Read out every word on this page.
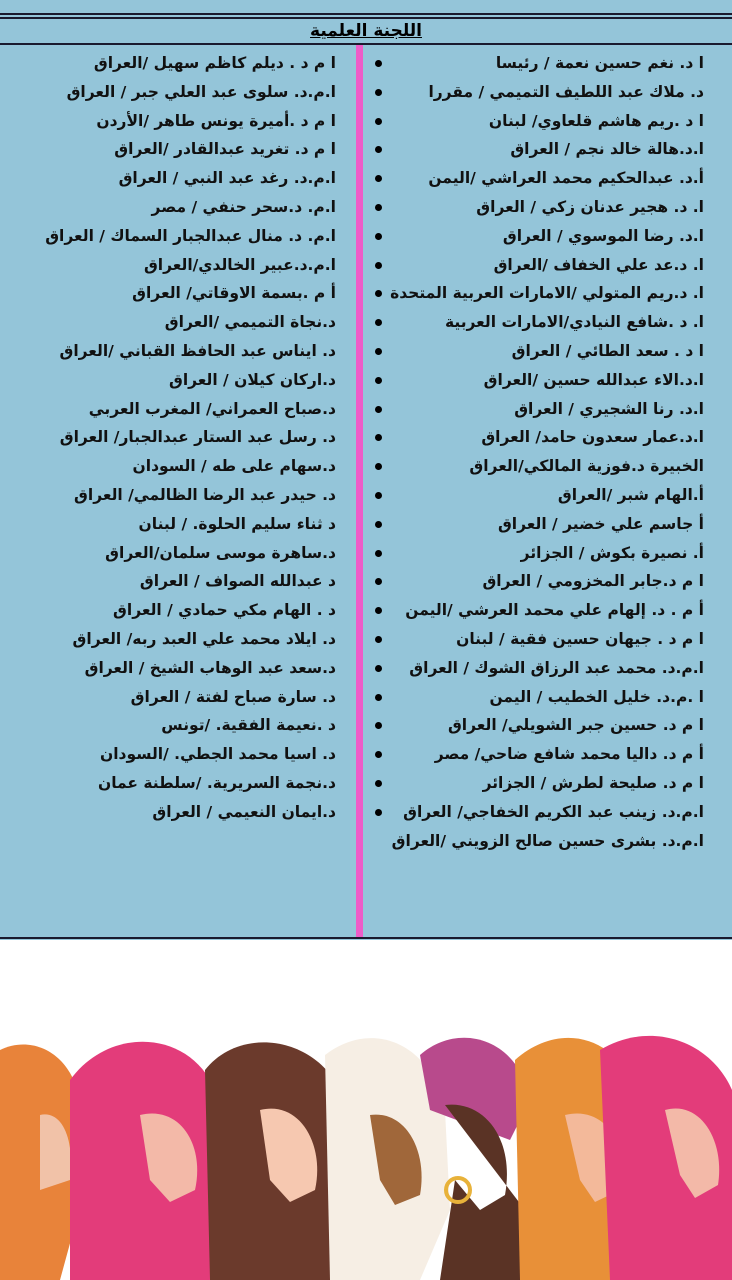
اللجنة العلمية
ا د. نغم حسين نعمة / رئيسا
د. ملاك عبد اللطيف التميمي / مقررا
ا د .ريم هاشم قلعاوي/ لبنان
ا.د.هالة خالد نجم / العراق
أ.د. عبدالحكيم محمد العراشي /اليمن
ا. د. هجير عدنان زكي / العراق
ا.د. رضا الموسوي / العراق
ا. د.عد علي الخفاف /العراق
ا. د.ريم المتولي /الامارات العربية المتحدة
ا. د .شافع النيادي/الامارات العربية
ا د . سعد الطائي / العراق
ا.د.الاء عبدالله حسين /العراق
ا.د. رنا الشجيري / العراق
ا.د.عمار سعدون حامد/ العراق
الخبيرة د.فوزية المالكي/العراق
أ.الهام شبر /العراق
أ جاسم علي خضير / العراق
أ. نصيرة بكوش / الجزائر
ا م د.جابر المخزومي / العراق
أ م . د. إلهام علي محمد العرشي /اليمن
ا م د . جيهان حسين فقية / لبنان
ا.م.د. محمد عبد الرزاق الشوك / العراق
ا .م.د. خليل الخطيب / اليمن
ا م د. حسين جبر الشويلي/ العراق
أ م د. داليا محمد شافع ضاحي/ مصر
ا م د. صليحة لطرش / الجزائر
ا.م.د. زينب عبد الكريم الخفاجي/ العراق
ا.م.د. بشرى حسين صالح الزويني /العراق
ا م د . ديلم كاظم سهيل /العراق
ا.م.د. سلوى عبد العلي جبر / العراق
ا م د .أميرة يونس طاهر /الأردن
ا م د. تغريد عبدالقادر /العراق
ا.م.د. رغد عبد النبي / العراق
ا.م. د.سحر حنفي / مصر
ا.م. د. منال عبدالجبار السماك / العراق
ا.م.د.عبير الخالدي/العراق
أ م .بسمة الاوقاتي/ العراق
د.نجاة التميمي /العراق
د. ايناس عبد الحافظ القباني /العراق
د.اركان كيلان / العراق
د.صباح العمراني/ المغرب العربي
د. رسل عبد الستار عبدالجبار/ العراق
د.سهام على طه / السودان
د. حيدر عبد الرضا الظالمي/ العراق
د ثناء سليم الحلوة. / لبنان
د.ساهرة موسى سلمان/العراق
د عبدالله الصواف / العراق
د . الهام مكي حمادي / العراق
د. ايلاد محمد علي العبد ربه/ العراق
د.سعد عبد الوهاب الشيخ / العراق
د. سارة صباح لفتة / العراق
د .نعيمة الفقية. /تونس
د. اسيا محمد الجطي. /السودان
د.نجمة السريرية. /سلطنة عمان
د.ايمان النعيمي / العراق
